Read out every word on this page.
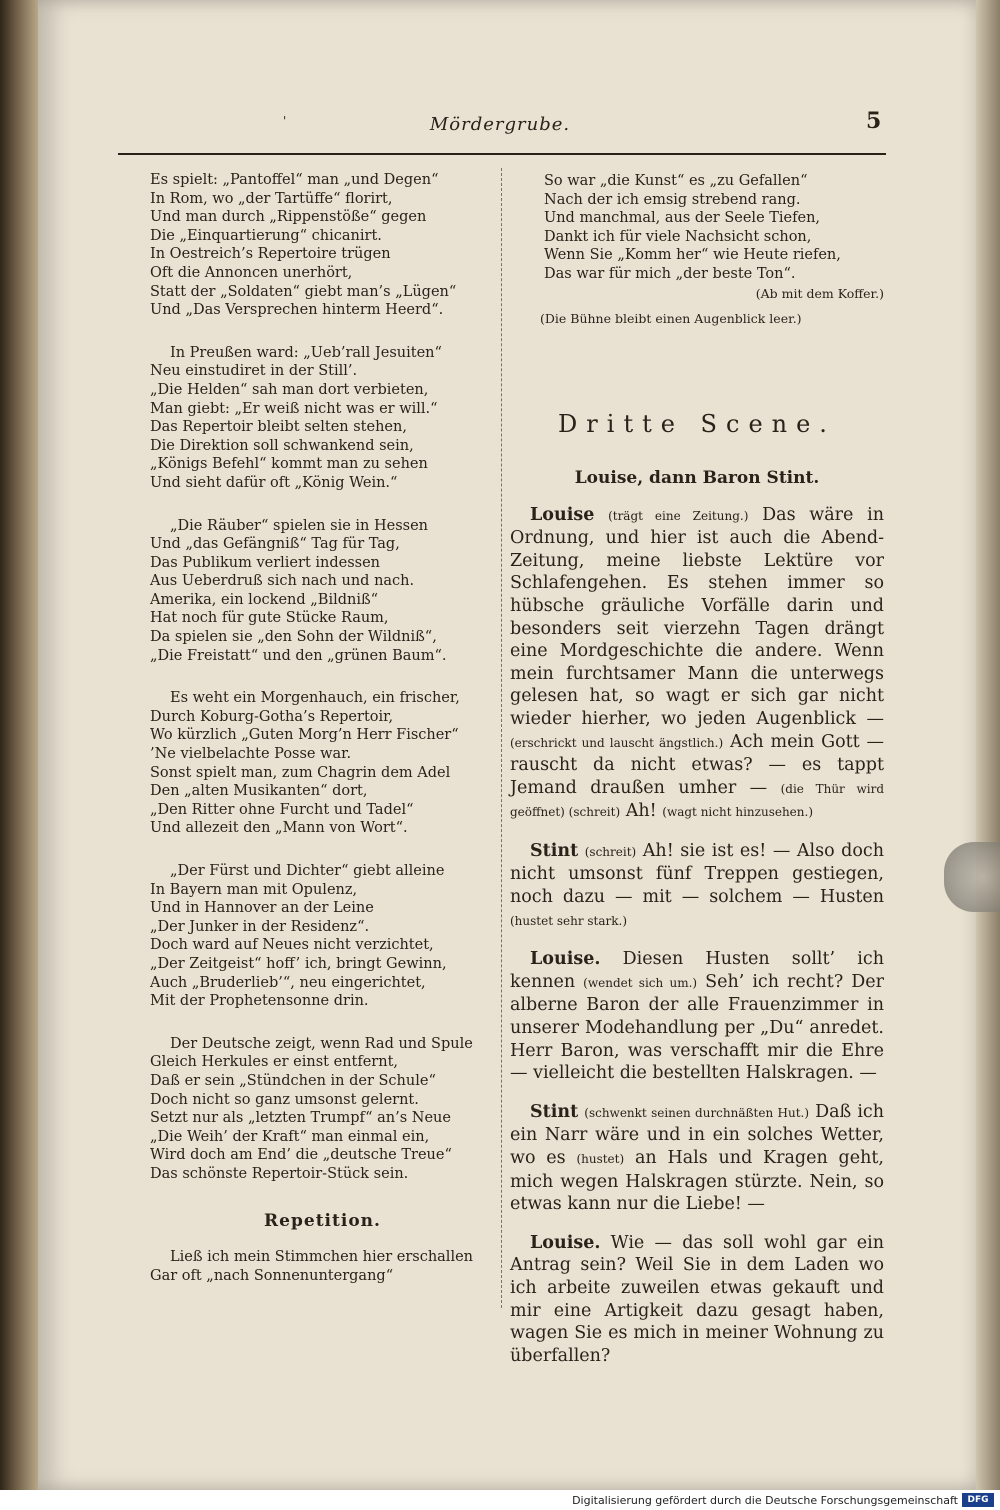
'	Mördergrube.	5
Es spielt: „Pantoffel“ man „und Degen“
In Rom, wo „der Tartüffe“ florirt,
Und man durch „Rippenstöße“ gegen
Die „Einquartierung“ chicanirt.
In Oestreich’s Repertoire trügen
Oft die Annoncen unerhört,
Statt der „Soldaten“ giebt man’s „Lügen“
Und „Das Versprechen hinterm Heerd“.
In Preußen ward: „Ueb’rall Jesuiten“
Neu einstudiret in der Still’.
„Die Helden“ sah man dort verbieten,
Man giebt: „Er weiß nicht was er will.“
Das Repertoir bleibt selten stehen,
Die Direktion soll schwankend sein,
„Königs Befehl“ kommt man zu sehen
Und sieht dafür oft „König Wein.“
„Die Räuber“ spielen sie in Hessen
Und „das Gefängniß“ Tag für Tag,
Das Publikum verliert indessen
Aus Ueberdruß sich nach und nach.
Amerika, ein lockend „Bildniß“
Hat noch für gute Stücke Raum,
Da spielen sie „den Sohn der Wildniß“,
„Die Freistatt“ und den „grünen Baum“.
Es weht ein Morgenhauch, ein frischer,
Durch Koburg-Gotha’s Repertoir,
Wo kürzlich „Guten Morg’n Herr Fischer“
’Ne vielbelachte Posse war.
Sonst spielt man, zum Chagrin dem Adel
Den „alten Musikanten“ dort,
„Den Ritter ohne Furcht und Tadel“
Und allezeit den „Mann von Wort“.
„Der Fürst und Dichter“ giebt alleine
In Bayern man mit Opulenz,
Und in Hannover an der Leine
„Der Junker in der Residenz“.
Doch ward auf Neues nicht verzichtet,
„Der Zeitgeist“ hoff’ ich, bringt Gewinn,
Auch „Bruderlieb’“, neu eingerichtet,
Mit der Prophetensonne drin.
Der Deutsche zeigt, wenn Rad und Spule
Gleich Herkules er einst entfernt,
Daß er sein „Stündchen in der Schule“
Doch nicht so ganz umsonst gelernt.
Setzt nur als „letzten Trumpf“ an’s Neue
„Die Weih’ der Kraft“ man einmal ein,
Wird doch am End’ die „deutsche Treue“
Das schönste Repertoir-Stück sein.
Repetition.
Ließ ich mein Stimmchen hier erschallen
Gar oft „nach Sonnenuntergang“
So war „die Kunst“ es „zu Gefallen“
Nach der ich emsig strebend rang.
Und manchmal, aus der Seele Tiefen,
Dankt ich für viele Nachsicht schon,
Wenn Sie „Komm her“ wie Heute riefen,
Das war für mich „der beste Ton“.
(Ab mit dem Koffer.)
(Die Bühne bleibt einen Augenblick leer.)
Dritte Scene.
Louise, dann Baron Stint.
Louise (trägt eine Zeitung.) Das wäre in Ordnung, und hier ist auch die Abend-Zeitung, meine liebste Lektüre vor Schlafengehen. Es stehen immer so hübsche gräuliche Vorfälle darin und besonders seit vierzehn Tagen drängt eine Mordgeschichte die andere. Wenn mein furchtsamer Mann die unterwegs gelesen hat, so wagt er sich gar nicht wieder hierher, wo jeden Augenblick — (erschrickt und lauscht ängstlich.) Ach mein Gott — rauscht da nicht etwas? — es tappt Jemand draußen umher — (die Thür wird geöffnet) (schreit) Ah! (wagt nicht hinzusehen.)
Stint (schreit) Ah! sie ist es! — Also doch nicht umsonst fünf Treppen gestiegen, noch dazu — mit — solchem — Husten (hustet sehr stark.)
Louise. Diesen Husten sollt’ ich kennen (wendet sich um.) Seh’ ich recht? Der alberne Baron der alle Frauenzimmer in unserer Modehandlung per „Du“ anredet. Herr Baron, was verschafft mir die Ehre — vielleicht die bestellten Halskragen. —
Stint (schwenkt seinen durchnäßten Hut.) Daß ich ein Narr wäre und in ein solches Wetter, wo es (hustet) an Hals und Kragen geht, mich wegen Halskragen stürzte. Nein, so etwas kann nur die Liebe! —
Louise. Wie — das soll wohl gar ein Antrag sein? Weil Sie in dem Laden wo ich arbeite zuweilen etwas gekauft und mir eine Artigkeit dazu gesagt haben, wagen Sie es mich in meiner Wohnung zu überfallen?
Digitalisierung gefördert durch die Deutsche Forschungsgemeinschaft	DFG
